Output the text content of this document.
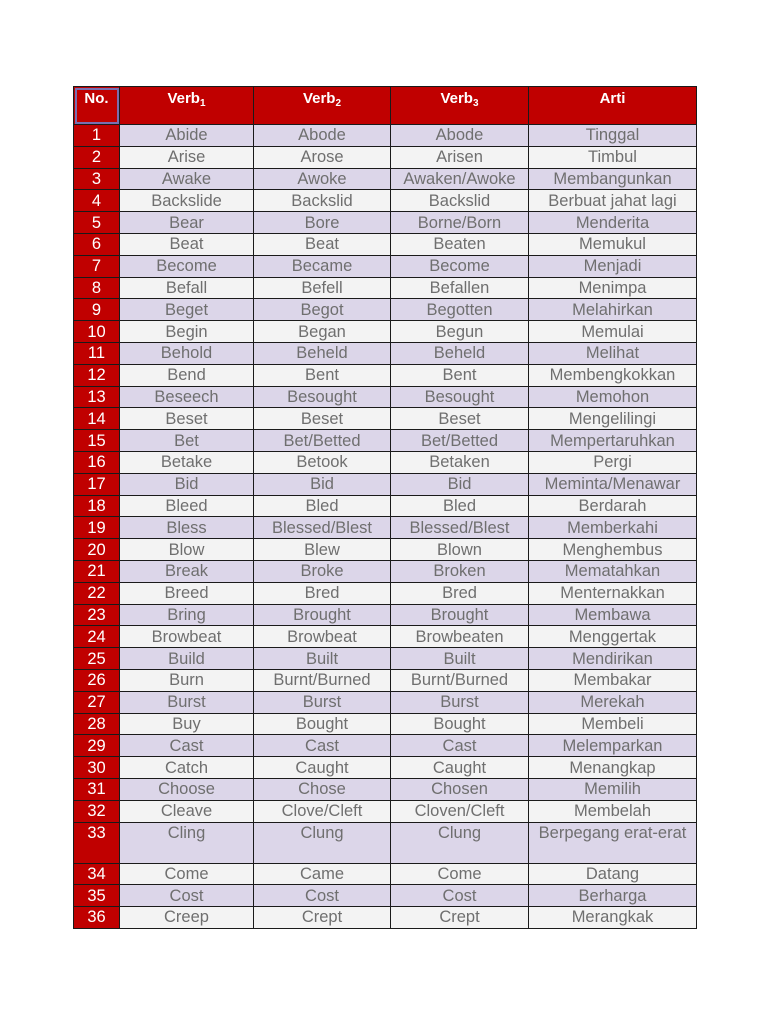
No.	Verb$_1$	Verb$_2$	Verb$_3$	Arti
1	Abide	Abode	Abode	Tinggal
2	Arise	Arose	Arisen	Timbul
3	Awake	Awoke	Awaken/Awoke	Membangunkan
4	Backslide	Backslid	Backslid	Berbuat jahat lagi
5	Bear	Bore	Borne/Born	Menderita
6	Beat	Beat	Beaten	Memukul
7	Become	Became	Become	Menjadi
8	Befall	Befell	Befallen	Menimpa
9	Beget	Begot	Begotten	Melahirkan
10	Begin	Began	Begun	Memulai
11	Behold	Beheld	Beheld	Melihat
12	Bend	Bent	Bent	Membengkokkan
13	Beseech	Besought	Besought	Memohon
14	Beset	Beset	Beset	Mengelilingi
15	Bet	Bet/Betted	Bet/Betted	Mempertaruhkan
16	Betake	Betook	Betaken	Pergi
17	Bid	Bid	Bid	Meminta/Menawar
18	Bleed	Bled	Bled	Berdarah
19	Bless	Blessed/Blest	Blessed/Blest	Memberkahi
20	Blow	Blew	Blown	Menghembus
21	Break	Broke	Broken	Mematahkan
22	Breed	Bred	Bred	Menternakkan
23	Bring	Brought	Brought	Membawa
24	Browbeat	Browbeat	Browbeaten	Menggertak
25	Build	Built	Built	Mendirikan
26	Burn	Burnt/Burned	Burnt/Burned	Membakar
27	Burst	Burst	Burst	Merekah
28	Buy	Bought	Bought	Membeli
29	Cast	Cast	Cast	Melemparkan
30	Catch	Caught	Caught	Menangkap
31	Choose	Chose	Chosen	Memilih
32	Cleave	Clove/Cleft	Cloven/Cleft	Membelah
33	Cling	Clung	Clung	Berpegang erat-erat
34	Come	Came	Come	Datang
35	Cost	Cost	Cost	Berharga
36	Creep	Crept	Crept	Merangkak
